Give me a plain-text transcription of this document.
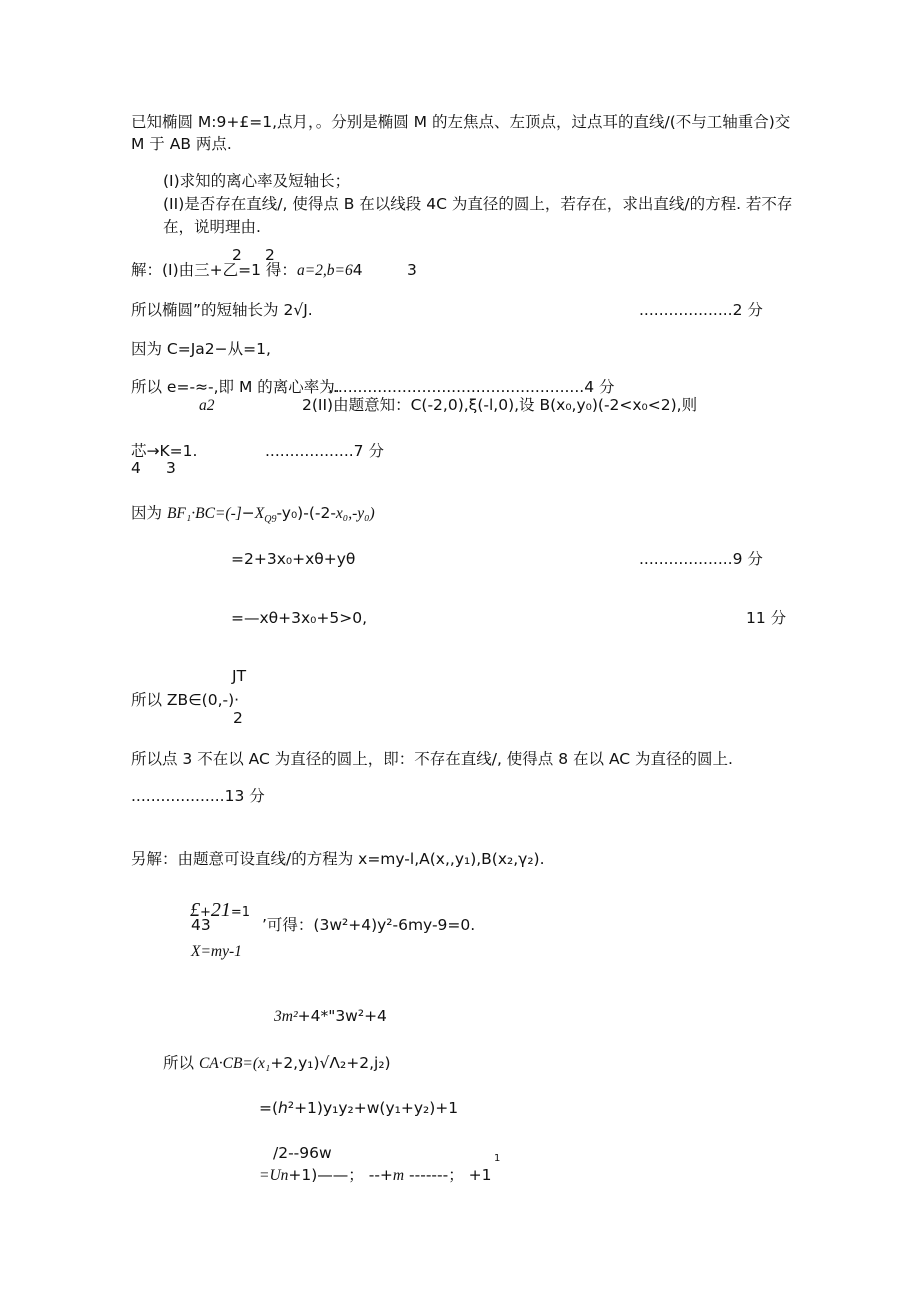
已知椭圆 M:9+£=1,点月，。分别是椭圆 M 的左焦点、左顶点，过点耳的直线/(不与工轴重合)交
M 于 AB 两点.
(I)求知的离心率及短轴长；
(II)是否存在直线/, 使得点 B 在以线段 4C 为直径的圆上，若存在，求出直线/的方程. 若不存
在，说明理由.
2 2
解：(I)由三+乙=1 得：a=2,b=64	3
所以椭圆”的短轴长为 2√J.	...................2 分
因为 C=Ja2−从=1,
所以 e=-≈-,即 M 的离心率为.
....................................................4 分
a2	2(II)由题意知：C(-2,0),ξ(-l,0),设 B(x₀,y₀)(-2<x₀<2),则
芯→K=1.	..................7 分
4 3
因为 $BF_1\cdot BC=(-]-X_{Q9}-y_0)-(-2-x_0,-y_0)$
=2+3x₀+xθ+yθ	...................9 分
=—xθ+3x₀+5>0,	11 分
JT
所以 ZB∈(0,-)·
2
所以点 3 不在以 AC 为直径的圆上，即：不存在直线/, 使得点 8 在以 AC 为直径的圆上.
...................13 分
另解：由题意可设直线/的方程为 x=my-l,A(x,,y₁),B(x₂,γ₂).
£+21=1
43	’可得：(3w²+4)y²-6my-9=0.
X=my-1
3m²+4*"3w²+4
所以 CA·CB=(x₁+2,y₁)√Λ₂+2,j₂)
=(ℎ²+1)y₁y₂+w(y₁+y₂)+1
/2--96w
=Un+1)——； --+m -------； +1
1
